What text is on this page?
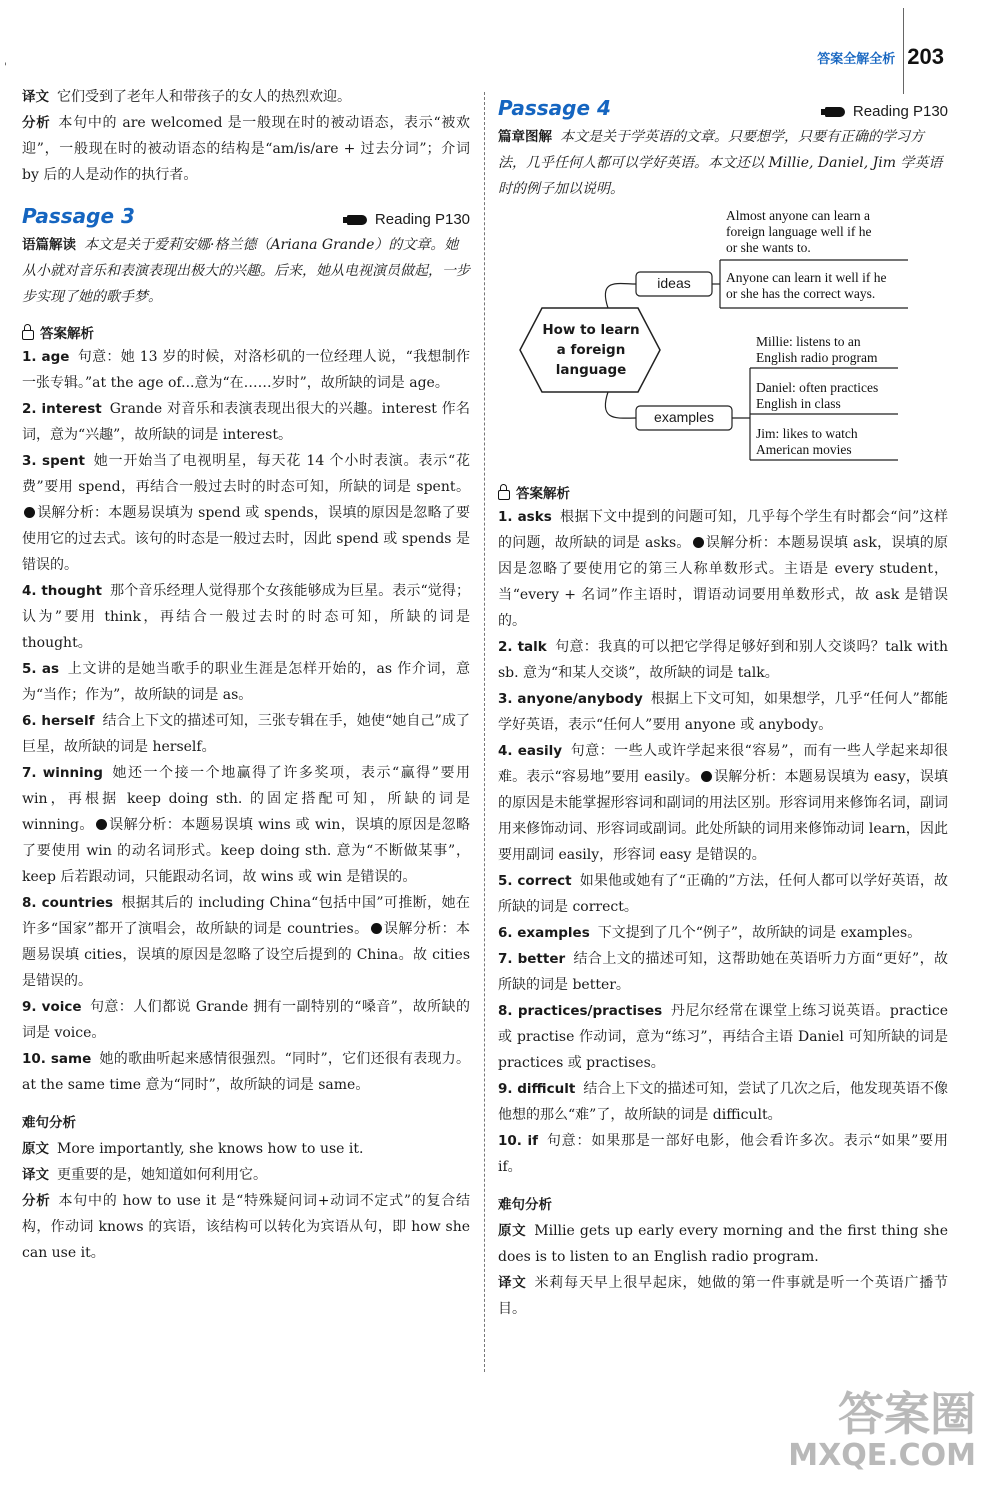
'
答案全解全析 203

译文 它们受到了老年人和带孩子的女人的热烈欢迎。

分析 本句中的 are welcomed 是一般现在时的被动语态，表示“被欢迎”，一般现在时的被动语态的结构是“am/is/are + 过去分词”；介词 by 后的人是动作的执行者。

Passage 3	Reading P130

语篇解读 本文是关于爱莉安娜·格兰德（Ariana Grande）的文章。她从小就对音乐和表演表现出极大的兴趣。后来，她从电视演员做起，一步步实现了她的歌手梦。

答案解析

1. age 句意：她 13 岁的时候，对洛杉矶的一位经理人说，“我想制作一张专辑。”at the age of...意为“在……岁时”，故所缺的词是 age。

2. interest Grande 对音乐和表演表现出很大的兴趣。interest 作名词，意为“兴趣”，故所缺的词是 interest。

3. spent 她一开始当了电视明星，每天花 14 个小时表演。表示“花费”要用 spend，再结合一般过去时的时态可知，所缺的词是 spent。误解分析：本题易误填为 spend 或 spends，误填的原因是忽略了要使用它的过去式。该句的时态是一般过去时，因此 spend 或 spends 是错误的。

4. thought 那个音乐经理人觉得那个女孩能够成为巨星。表示“觉得；认为”要用 think，再结合一般过去时的时态可知，所缺的词是 thought。

5. as 上文讲的是她当歌手的职业生涯是怎样开始的，as 作介词，意为“当作；作为”，故所缺的词是 as。

6. herself 结合上下文的描述可知，三张专辑在手，她使“她自己”成了巨星，故所缺的词是 herself。

7. winning 她还一个接一个地赢得了许多奖项，表示“赢得”要用 win，再根据 keep doing sth. 的固定搭配可知，所缺的词是 winning。 误解分析：本题易误填 wins 或 win，误填的原因是忽略了要使用 win 的动名词形式。keep doing sth. 意为“不断做某事”，keep 后若跟动词，只能跟动名词，故 wins 或 win 是错误的。

8. countries 根据其后的 including China“包括中国”可推断，她在许多“国家”都开了演唱会，故所缺的词是 countries。 误解分析：本题易误填 cities，误填的原因是忽略了设空后提到的 China。故 cities 是错误的。

9. voice 句意：人们都说 Grande 拥有一副特别的“嗓音”，故所缺的词是 voice。

10. same 她的歌曲听起来感情很强烈。“同时”，它们还很有表现力。at the same time 意为“同时”，故所缺的词是 same。

难句分析

原文 More importantly, she knows how to use it.

译文 更重要的是，她知道如何利用它。

分析 本句中的 how to use it 是“特殊疑问词+动词不定式”的复合结构，作动词 knows 的宾语，该结构可以转化为宾语从句，即 how she can use it。

Passage 4	Reading P130

篇章图解 本文是关于学英语的文章。只要想学，只要有正确的学习方法，几乎任何人都可以学好英语。本文还以 Millie, Daniel, Jim 学英语时的例子加以说明。

How to learn
a foreign
language
ideas
examples
Almost anyone can learn a
foreign language well if he
or she wants to.
Anyone can learn it well if he
or she has the correct ways.
Millie: listens to an
English radio program
Daniel: often practices
English in class
Jim: likes to watch
American movies
答案解析

1. asks 根据下文中提到的问题可知，几乎每个学生有时都会“问”这样的问题，故所缺的词是 asks。 误解分析：本题易误填 ask，误填的原因是忽略了要使用它的第三人称单数形式。主语是 every student，当“every + 名词”作主语时，谓语动词要用单数形式，故 ask 是错误的。

2. talk 句意：我真的可以把它学得足够好到和别人交谈吗？talk with sb. 意为“和某人交谈”，故所缺的词是 talk。

3. anyone/anybody 根据上下文可知，如果想学，几乎“任何人”都能学好英语，表示“任何人”要用 anyone 或 anybody。

4. easily 句意：一些人或许学起来很“容易”，而有一些人学起来却很难。表示“容易地”要用 easily。 误解分析：本题易误填为 easy，误填的原因是未能掌握形容词和副词的用法区别。形容词用来修饰名词，副词用来修饰动词、形容词或副词。此处所缺的词用来修饰动词 learn，因此要用副词 easily，形容词 easy 是错误的。

5. correct 如果他或她有了“正确的”方法，任何人都可以学好英语，故所缺的词是 correct。

6. examples 下文提到了几个“例子”，故所缺的词是 examples。

7. better 结合上文的描述可知，这帮助她在英语听力方面“更好”，故所缺的词是 better。

8. practices/practises 丹尼尔经常在课堂上练习说英语。practice 或 practise 作动词，意为“练习”，再结合主语 Daniel 可知所缺的词是 practices 或 practises。

9. difficult 结合上下文的描述可知，尝试了几次之后，他发现英语不像他想的那么“难”了，故所缺的词是 difficult。

10. if 句意：如果那是一部好电影，他会看许多次。表示“如果”要用 if。

难句分析

原文 Millie gets up early every morning and the first thing she does is to listen to an English radio program.

译文 米莉每天早上很早起床，她做的第一件事就是听一个英语广播节目。

答案圈
MXQE.COM
